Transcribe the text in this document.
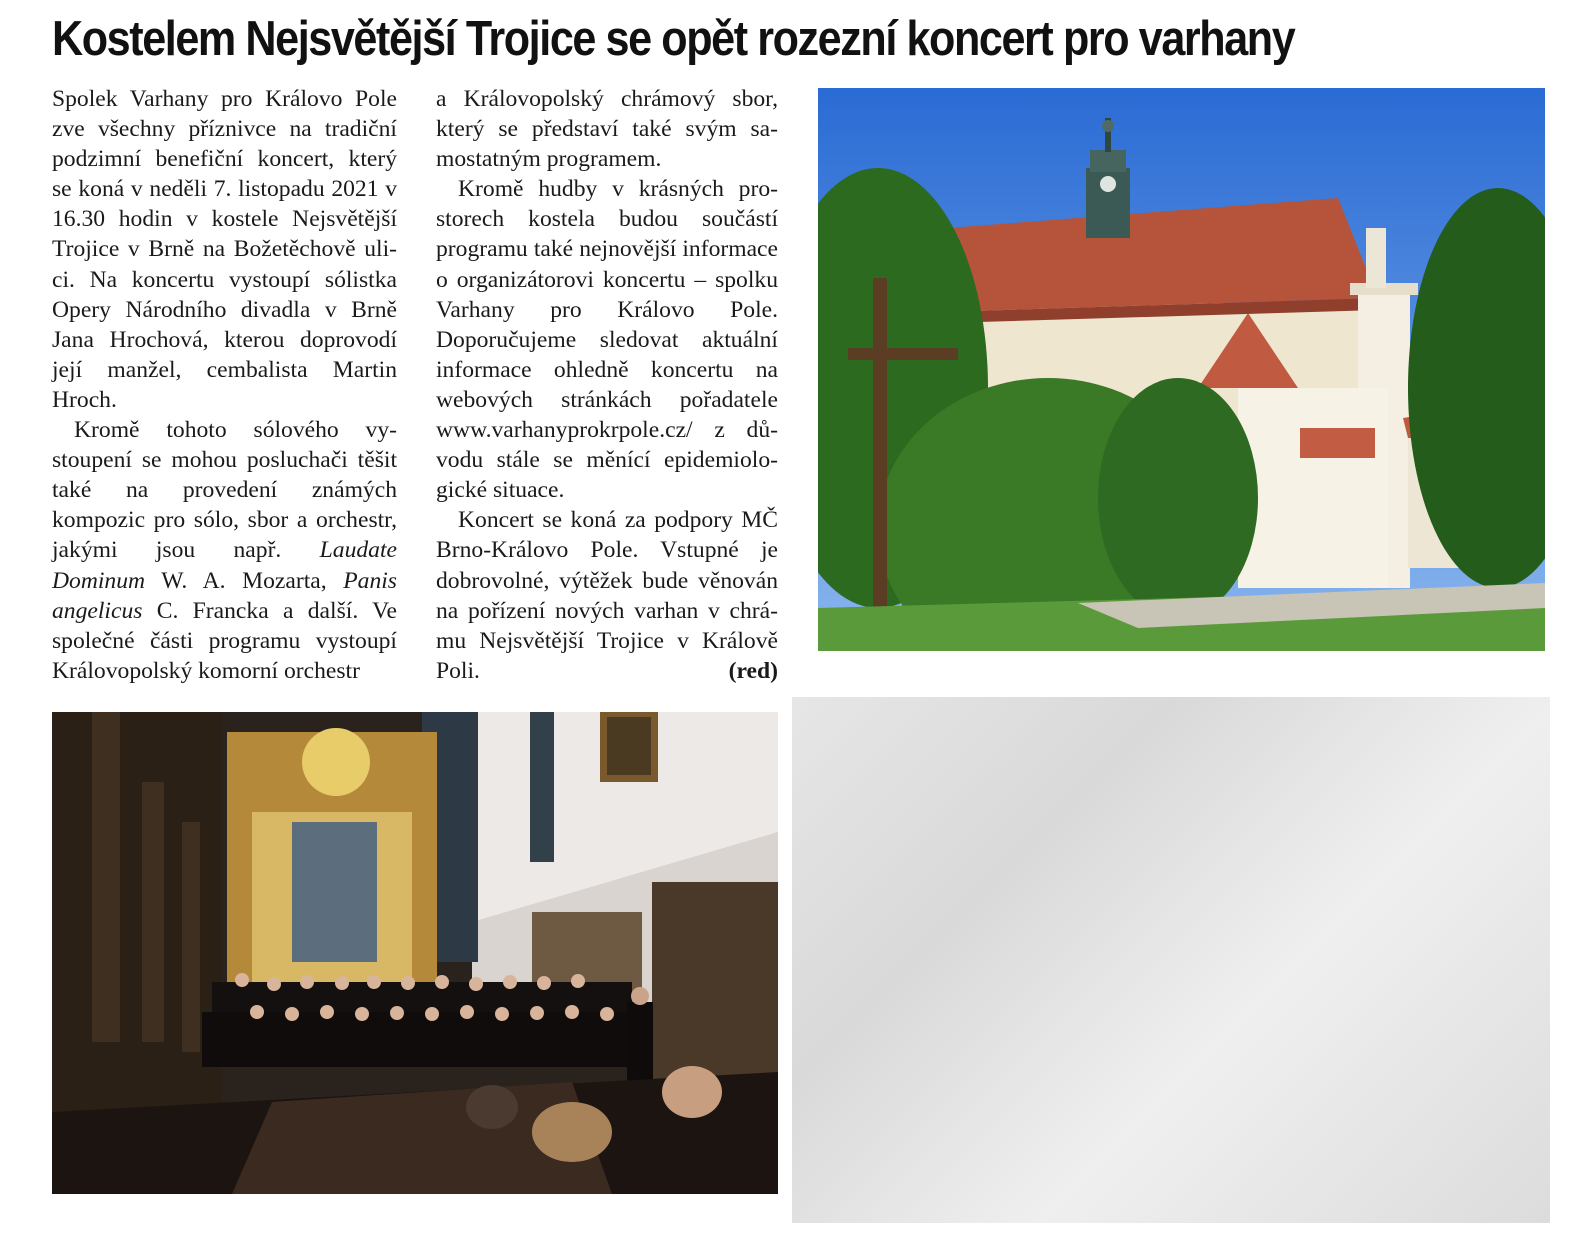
Kostelem Nejsvětější Trojice se opět rozezní koncert pro varhany

Spolek Varhany pro Královo Pole zve všechny příznivce na tradiční podzimní benefiční koncert, který se koná v neděli 7. listopadu 2021 v 16.30 hodin v kostele Nejsvětější Trojice v Brně na Božetěchově ulici. Na koncertu vystoupí sólistka Opery Národního divadla v Brně Jana Hrochová, kterou doprovodí její manžel, cembalista Martin Hroch.

Kromě tohoto sólového vystoupení se mohou posluchači těšit také na provedení známých kompozic pro sólo, sbor a orchestr, jakými jsou např. Laudate Dominum W. A. Mozarta, Panis angelicus C. Francka a další. Ve společné části programu vystoupí Královopolský komorní orchestr

a Královopolský chrámový sbor, který se představí také svým samostatným programem.

Kromě hudby v krásných prostorech kostela budou součástí programu také nejnovější informace o organizátorovi koncertu – spolku Varhany pro Královo Pole. Doporučujeme sledovat aktuální informace ohledně koncertu na webových stránkách pořadatele www.varhanyprokrpole.cz/ z důvodu stále se měnící epidemiologické situace.

Koncert se koná za podpory MČ Brno-Královo Pole. Vstupné je dobrovolné, výtěžek bude věnován na pořízení nových varhan v chrámu Nejsvětější Trojice v Králově Poli.	(red)
